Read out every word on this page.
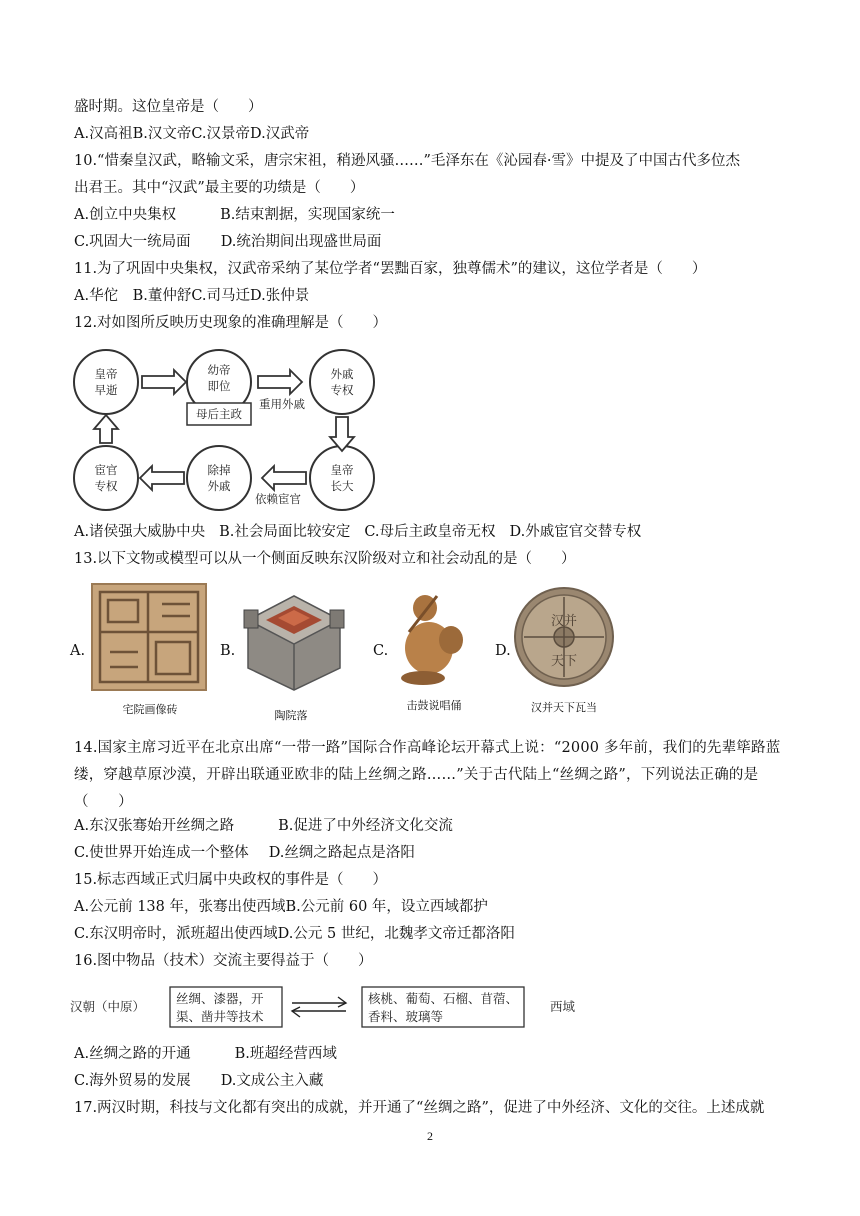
盛时期。这位皇帝是（　　）
A.汉高祖B.汉文帝C.汉景帝D.汉武帝
10.“惜秦皇汉武，略输文采，唐宗宋祖，稍逊风骚……”毛泽东在《沁园春·雪》中提及了中国古代多位杰
出君王。其中“汉武”最主要的功绩是（　　）
A.创立中央集权	B.结束割据，实现国家统一
C.巩固大一统局面 D.统治期间出现盛世局面
11.为了巩固中央集权，汉武帝采纳了某位学者“罢黜百家，独尊儒术”的建议，这位学者是（　　）
A.华佗　B.董仲舒C.司马迁D.张仲景
12.对如图所反映历史现象的准确理解是（　　）
皇帝
早逝
幼帝
即位
母后主政
外戚
专权
皇帝
长大
除掉
外戚
宦官
专权
重用外戚
依赖宦官
A.诸侯强大威胁中央 B.社会局面比较安定 C.母后主政皇帝无权 D.外戚宦官交替专权
13.以下文物或模型可以从一个侧面反映东汉阶级对立和社会动乱的是（　　）
A.
宅院画像砖
B.
陶院落
C.
击鼓说唱俑
D.
汉并
天下
汉并天下瓦当
14.国家主席习近平在北京出席“一带一路”国际合作高峰论坛开幕式上说：“2000 多年前，我们的先辈筚路蓝缕，穿越草原沙漠，开辟出联通亚欧非的陆上丝绸之路……”关于古代陆上“丝绸之路”，下列说法正确的是（　　）
A.东汉张骞始开丝绸之路	B.促进了中外经济文化交流
C.使世界开始连成一个整体 D.丝绸之路起点是洛阳
15.标志西域正式归属中央政权的事件是（　　）
A.公元前 138 年，张骞出使西域B.公元前 60 年，设立西域都护
C.东汉明帝时，派班超出使西域D.公元 5 世纪，北魏孝文帝迁都洛阳
16.图中物品（技术）交流主要得益于（　　）
汉朝（中原）
丝绸、漆器，开
渠、凿井等技术
核桃、葡萄、石榴、苜蓿、
香料、玻璃等
西域
A.丝绸之路的开通	B.班超经营西域
C.海外贸易的发展 D.文成公主入藏
17.两汉时期，科技与文化都有突出的成就，并开通了“丝绸之路”，促进了中外经济、文化的交往。上述成就
2
